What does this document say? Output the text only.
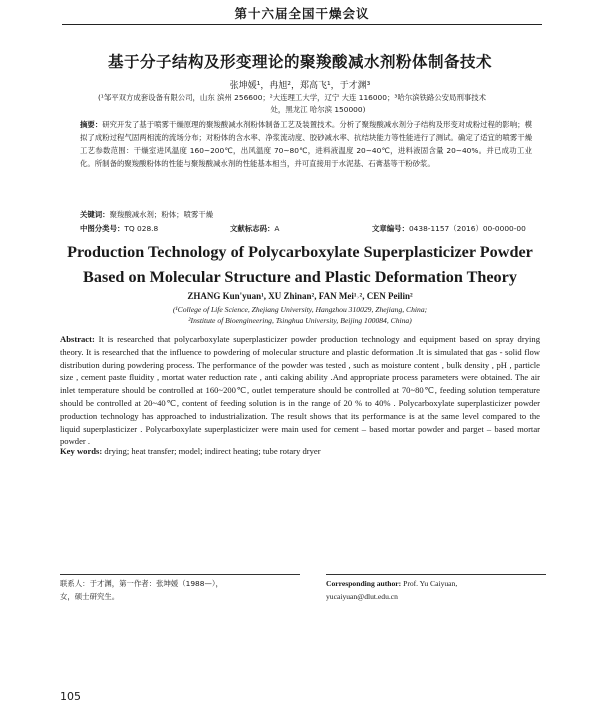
第十六届全国干燥会议
基于分子结构及形变理论的聚羧酸减水剂粉体制备技术
张坤媛¹，冉旭²，郑高飞¹，于才渊³
(¹邹平双方成套设备有限公司，山东 滨州 256600；²大连理工大学，辽宁 大连 116000；³哈尔滨铁路公安局刑事技术
处，黑龙江 哈尔滨 150000)
摘要：研究开发了基于喷雾干燥原理的聚羧酸减水剂粉体制备工艺及装置技术。分析了聚羧酸减水剂分子结构及形变对成粉过程的影响；模拟了成粉过程气固两相流的流场分布；对粉体的含水率、净浆流动度、胶砂减水率、抗结块能力等性能进行了测试。确定了适宜的喷雾干燥工艺参数范围：干燥室进风温度 160~200℃，出风温度 70~80℃，进料液温度 20~40℃，进料液固含量 20~40%。并已成功工业化。所制备的聚羧酸粉体的性能与聚羧酸减水剂的性能基本相当，并可直接用于水泥基、石膏基等干粉砂浆。
关键词：聚羧酸减水剂；粉体；喷雾干燥
中图分类号：TQ 028.8	文献标志码：A	文章编号：0438-1157（2016）00-0000-00
Production Technology of Polycarboxylate Superplasticizer Powder
Based on Molecular Structure and Plastic Deformation Theory
ZHANG Kun'yuan¹, XU Zhinan², FAN Mei¹˒², CEN Peilin²
(¹College of Life Science, Zhejiang University, Hangzhou 310029, Zhejiang, China;
²Institute of Bioengineering, Tsinghua University, Beijing 100084, China)
Abstract: It is researched that polycarboxylate superplasticizer powder production technology and equipment based on spray drying theory. It is researched that the influence to powdering of molecular structure and plastic deformation .It is simulated that gas - solid flow distribution during powdering process. The performance of the powder was tested , such as moisture content , bulk density , pH , particle size , cement paste fluidity , mortat water reduction rate , anti caking ability .And appropriate process parameters were obtained. The air inlet temperature should be controlled at 160~200℃, outlet temperature should be controlled at 70~80℃, feeding solution temperature should be controlled at 20~40℃, content of feeding solution is in the range of 20 % to 40% . Polycarboxylate superplasticizer powder production technology has approached to industrialization. The result shows that its performance is at the same level compared to the liquid superplasticizer . Polycarboxylate superplasticizer were main used for cement – based mortar powder and parget – based mortar powder .
Key words: drying; heat transfer; model; indirect heating; tube rotary dryer
联系人：于才渊，第一作者：张坤媛（1988—），
女，硕士研究生。
Corresponding author: Prof. Yu Caiyuan,
yucaiyuan@dlut.edu.cn
105
